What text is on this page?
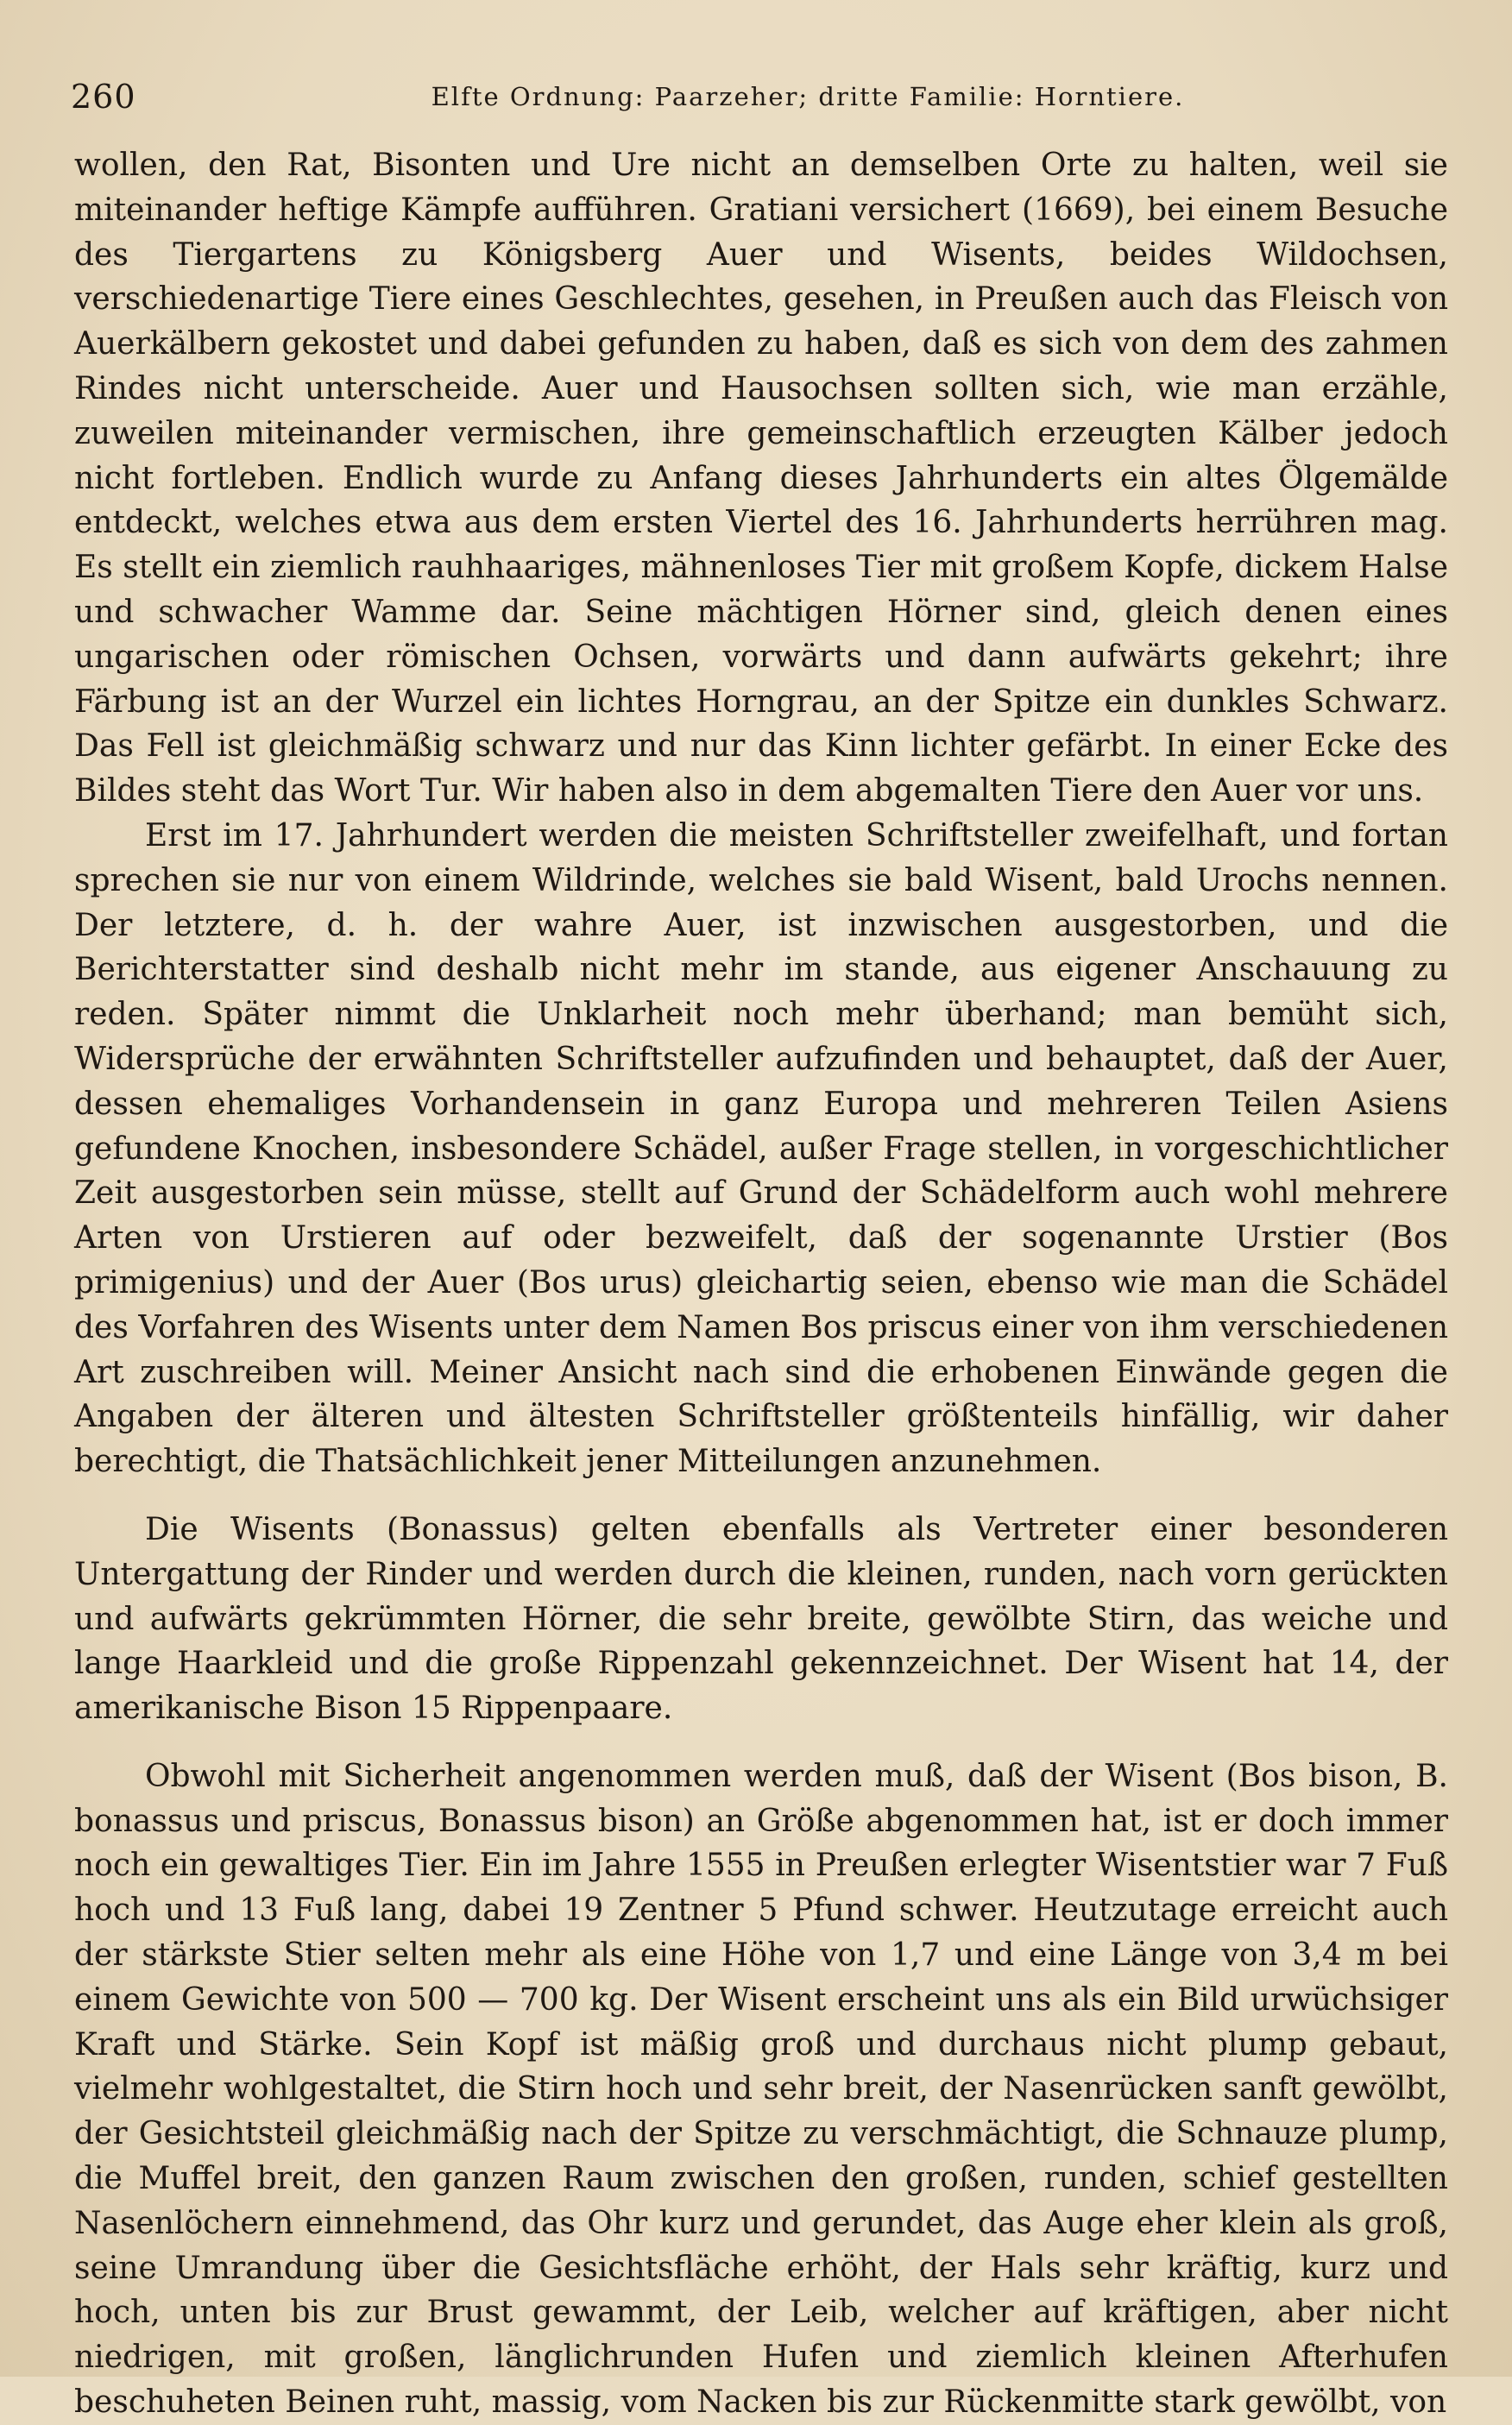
260	Elfte Ordnung: Paarzeher; dritte Familie: Horntiere.

wollen, den Rat, Bisonten und Ure nicht an demselben Orte zu halten, weil sie miteinander heftige Kämpfe aufführen. Gratiani versichert (1669), bei einem Besuche des Tiergartens zu Königsberg Auer und Wisents, beides Wildochsen, verschiedenartige Tiere eines Geschlechtes, gesehen, in Preußen auch das Fleisch von Auerkälbern gekostet und dabei gefunden zu haben, daß es sich von dem des zahmen Rindes nicht unterscheide. Auer und Hausochsen sollten sich, wie man erzähle, zuweilen miteinander vermischen, ihre gemeinschaftlich erzeugten Kälber jedoch nicht fortleben. Endlich wurde zu Anfang dieses Jahrhunderts ein altes Ölgemälde entdeckt, welches etwa aus dem ersten Viertel des 16. Jahrhunderts herrühren mag. Es stellt ein ziemlich rauhhaariges, mähnenloses Tier mit großem Kopfe, dickem Halse und schwacher Wamme dar. Seine mächtigen Hörner sind, gleich denen eines ungarischen oder römischen Ochsen, vorwärts und dann aufwärts gekehrt; ihre Färbung ist an der Wurzel ein lichtes Horngrau, an der Spitze ein dunkles Schwarz. Das Fell ist gleichmäßig schwarz und nur das Kinn lichter gefärbt. In einer Ecke des Bildes steht das Wort Tur. Wir haben also in dem abgemalten Tiere den Auer vor uns.

Erst im 17. Jahrhundert werden die meisten Schriftsteller zweifelhaft, und fortan sprechen sie nur von einem Wildrinde, welches sie bald Wisent, bald Urochs nennen. Der letztere, d. h. der wahre Auer, ist inzwischen ausgestorben, und die Berichterstatter sind deshalb nicht mehr im stande, aus eigener Anschauung zu reden. Später nimmt die Unklarheit noch mehr überhand; man bemüht sich, Widersprüche der erwähnten Schriftsteller aufzufinden und behauptet, daß der Auer, dessen ehemaliges Vorhandensein in ganz Europa und mehreren Teilen Asiens gefundene Knochen, insbesondere Schädel, außer Frage stellen, in vorgeschichtlicher Zeit ausgestorben sein müsse, stellt auf Grund der Schädelform auch wohl mehrere Arten von Urstieren auf oder bezweifelt, daß der sogenannte Urstier (Bos primigenius) und der Auer (Bos urus) gleichartig seien, ebenso wie man die Schädel des Vorfahren des Wisents unter dem Namen Bos priscus einer von ihm verschiedenen Art zuschreiben will. Meiner Ansicht nach sind die erhobenen Einwände gegen die Angaben der älteren und ältesten Schriftsteller größtenteils hinfällig, wir daher berechtigt, die Thatsächlichkeit jener Mitteilungen anzunehmen.

Die Wisents (Bonassus) gelten ebenfalls als Vertreter einer besonderen Untergattung der Rinder und werden durch die kleinen, runden, nach vorn gerückten und aufwärts gekrümmten Hörner, die sehr breite, gewölbte Stirn, das weiche und lange Haarkleid und die große Rippenzahl gekennzeichnet. Der Wisent hat 14, der amerikanische Bison 15 Rippenpaare.

Obwohl mit Sicherheit angenommen werden muß, daß der Wisent (Bos bison, B. bonassus und priscus, Bonassus bison) an Größe abgenommen hat, ist er doch immer noch ein gewaltiges Tier. Ein im Jahre 1555 in Preußen erlegter Wisentstier war 7 Fuß hoch und 13 Fuß lang, dabei 19 Zentner 5 Pfund schwer. Heutzutage erreicht auch der stärkste Stier selten mehr als eine Höhe von 1,7 und eine Länge von 3,4 m bei einem Gewichte von 500 — 700 kg. Der Wisent erscheint uns als ein Bild urwüchsiger Kraft und Stärke. Sein Kopf ist mäßig groß und durchaus nicht plump gebaut, vielmehr wohlgestaltet, die Stirn hoch und sehr breit, der Nasenrücken sanft gewölbt, der Gesichtsteil gleichmäßig nach der Spitze zu verschmächtigt, die Schnauze plump, die Muffel breit, den ganzen Raum zwischen den großen, runden, schief gestellten Nasenlöchern einnehmend, das Ohr kurz und gerundet, das Auge eher klein als groß, seine Umrandung über die Gesichtsfläche erhöht, der Hals sehr kräftig, kurz und hoch, unten bis zur Brust gewammt, der Leib, welcher auf kräftigen, aber nicht niedrigen, mit großen, länglichrunden Hufen und ziemlich kleinen Afterhufen beschuheten Beinen ruht, massig, vom Nacken bis zur Rückenmitte stark gewölbt, von
